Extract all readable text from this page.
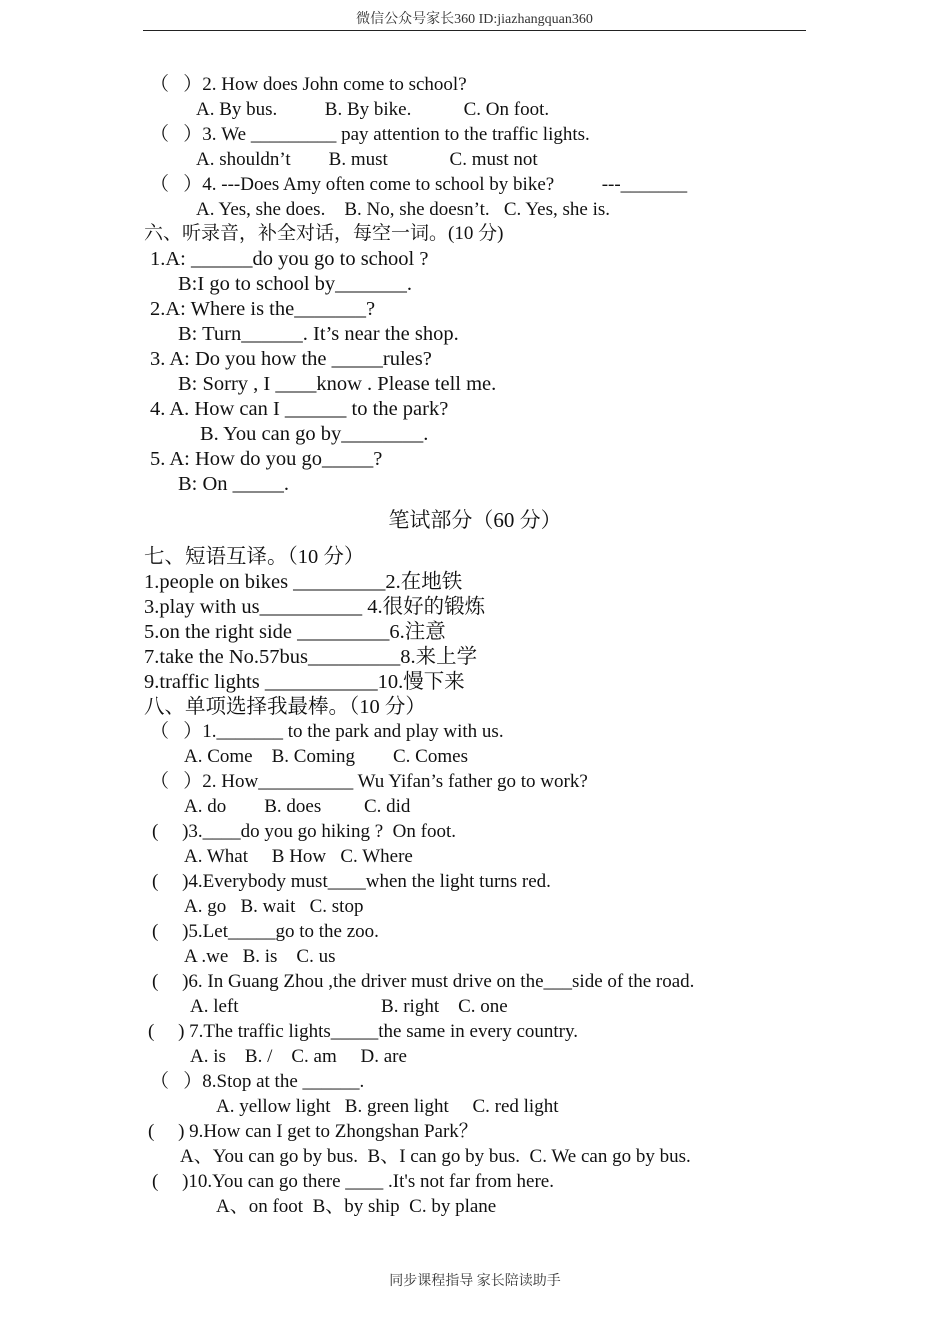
微信公众号家长360 ID:jiazhangquan360
（   ）2. How does John come to school?
A. By bus.          B. By bike.           C. On foot.
（   ）3. We _________ pay attention to the traffic lights.
A. shouldn’t        B. must             C. must not
（   ）4. ---Does Amy often come to school by bike?          ---_______
A. Yes, she does.    B. No, she doesn’t.   C. Yes, she is.
六、听录音，补全对话，每空一词。(10 分)
1.A: ______do you go to school ?
B:I go to school by_______.
2.A: Where is the_______?
B: Turn______. It’s near the shop.
3. A: Do you how the _____rules?
B: Sorry , I ____know . Please tell me.
4. A. How can I ______ to the park?
B. You can go by________.
5. A: How do you go_____?
B: On _____.
笔试部分（60 分）
七、短语互译。（10 分）
1.people on bikes _________2.在地铁
3.play with us__________ 4.很好的锻炼
5.on the right side _________6.注意
7.take the No.57bus_________8.来上学
9.traffic lights ___________10.慢下来
八、单项选择我最棒。（10 分）
（   ）1._______ to the park and play with us.
A. Come    B. Coming        C. Comes
（   ）2. How__________ Wu Yifan’s father go to work?
A. do        B. does         C. did
(     )3.____do you go hiking ?  On foot.
A. What     B How   C. Where
(     )4.Everybody must____when the light turns red.
A. go   B. wait   C. stop
(     )5.Let_____go to the zoo.
A .we   B. is    C. us
(     )6. In Guang Zhou ,the driver must drive on the___side of the road.
A. left                              B. right    C. one
(     ) 7.The traffic lights_____the same in every country.
A. is    B. /    C. am     D. are
（   ）8.Stop at the ______.
A. yellow light   B. green light     C. red light
(     ) 9.How can I get to Zhongshan Park？
A、You can go by bus.  B、I can go by bus.  C. We can go by bus.
(     )10.You can go there ____ .It's not far from here.
A、on foot  B、by ship  C. by plane
同步课程指导 家长陪读助手
